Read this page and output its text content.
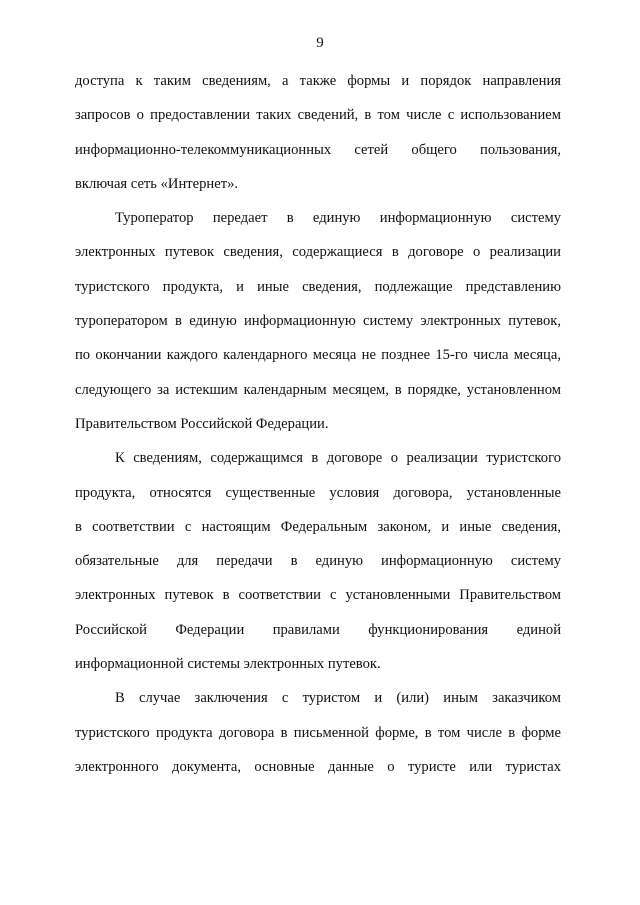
9
доступа к таким сведениям, а также формы и порядок направления
запросов о предоставлении таких сведений, в том числе с использованием
информационно-телекоммуникационных сетей общего пользования,
включая сеть «Интернет».
Туроператор передает в единую информационную систему
электронных путевок сведения, содержащиеся в договоре о реализации
туристского продукта, и иные сведения, подлежащие представлению
туроператором в единую информационную систему электронных путевок,
по окончании каждого календарного месяца не позднее 15-го числа месяца,
следующего за истекшим календарным месяцем, в порядке, установленном
Правительством Российской Федерации.
К сведениям, содержащимся в договоре о реализации туристского
продукта, относятся существенные условия договора, установленные
в соответствии с настоящим Федеральным законом, и иные сведения,
обязательные для передачи в единую информационную систему
электронных путевок в соответствии с установленными Правительством
Российской Федерации правилами функционирования единой
информационной системы электронных путевок.
В случае заключения с туристом и (или) иным заказчиком
туристского продукта договора в письменной форме, в том числе в форме
электронного документа, основные данные о туристе или туристах
